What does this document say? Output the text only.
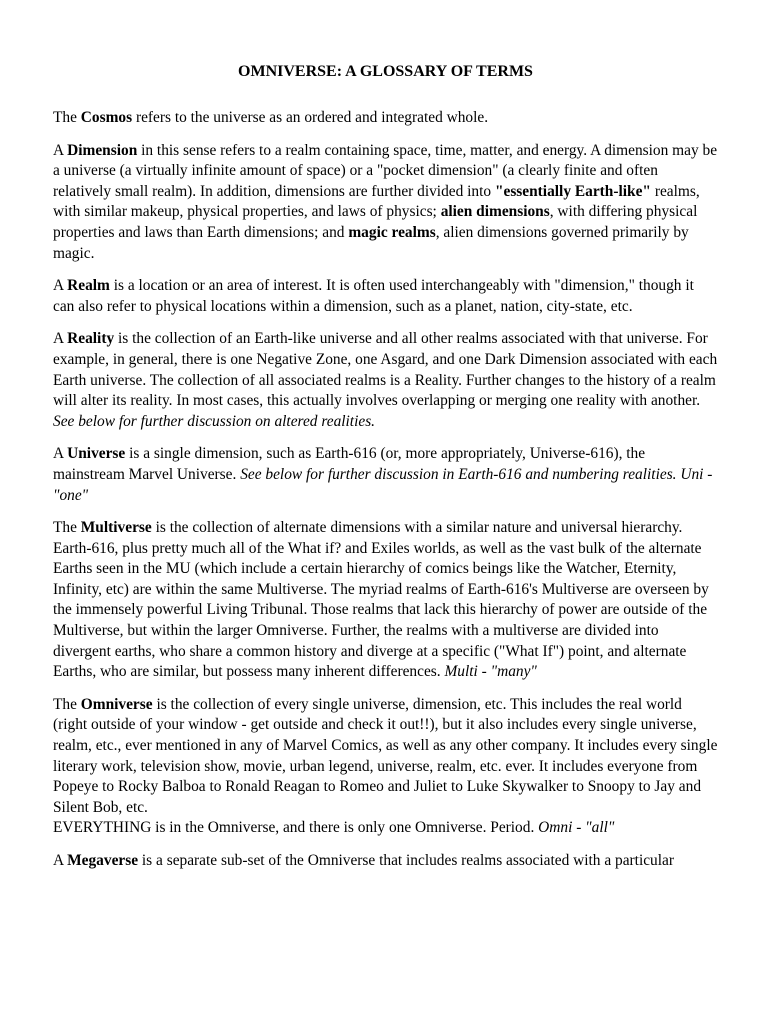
OMNIVERSE: A GLOSSARY OF TERMS

The Cosmos refers to the universe as an ordered and integrated whole.

A Dimension in this sense refers to a realm containing space, time, matter, and energy. A dimension may be a universe (a virtually infinite amount of space) or a "pocket dimension" (a clearly finite and often relatively small realm). In addition, dimensions are further divided into "essentially Earth-like" realms, with similar makeup, physical properties, and laws of physics; alien dimensions, with differing physical properties and laws than Earth dimensions; and magic realms, alien dimensions governed primarily by magic.

A Realm is a location or an area of interest. It is often used interchangeably with "dimension," though it can also refer to physical locations within a dimension, such as a planet, nation, city-state, etc.

A Reality is the collection of an Earth-like universe and all other realms associated with that universe. For example, in general, there is one Negative Zone, one Asgard, and one Dark Dimension associated with each Earth universe. The collection of all associated realms is a Reality. Further changes to the history of a realm will alter its reality. In most cases, this actually involves overlapping or merging one reality with another. See below for further discussion on altered realities.

A Universe is a single dimension, such as Earth-616 (or, more appropriately, Universe-616), the mainstream Marvel Universe. See below for further discussion in Earth-616 and numbering realities. Uni - "one"

The Multiverse is the collection of alternate dimensions with a similar nature and universal hierarchy. Earth-616, plus pretty much all of the What if? and Exiles worlds, as well as the vast bulk of the alternate Earths seen in the MU (which include a certain hierarchy of comics beings like the Watcher, Eternity, Infinity, etc) are within the same Multiverse. The myriad realms of Earth-616's Multiverse are overseen by the immensely powerful Living Tribunal. Those realms that lack this hierarchy of power are outside of the Multiverse, but within the larger Omniverse. Further, the realms with a multiverse are divided into divergent earths, who share a common history and diverge at a specific ("What If") point, and alternate Earths, who are similar, but possess many inherent differences. Multi - "many"

The Omniverse is the collection of every single universe, dimension, etc. This includes the real world (right outside of your window - get outside and check it out!!), but it also includes every single universe, realm, etc., ever mentioned in any of Marvel Comics, as well as any other company. It includes every single literary work, television show, movie, urban legend, universe, realm, etc. ever. It includes everyone from Popeye to Rocky Balboa to Ronald Reagan to Romeo and Juliet to Luke Skywalker to Snoopy to Jay and Silent Bob, etc.
EVERYTHING is in the Omniverse, and there is only one Omniverse. Period. Omni - "all"

A Megaverse is a separate sub-set of the Omniverse that includes realms associated with a particular
